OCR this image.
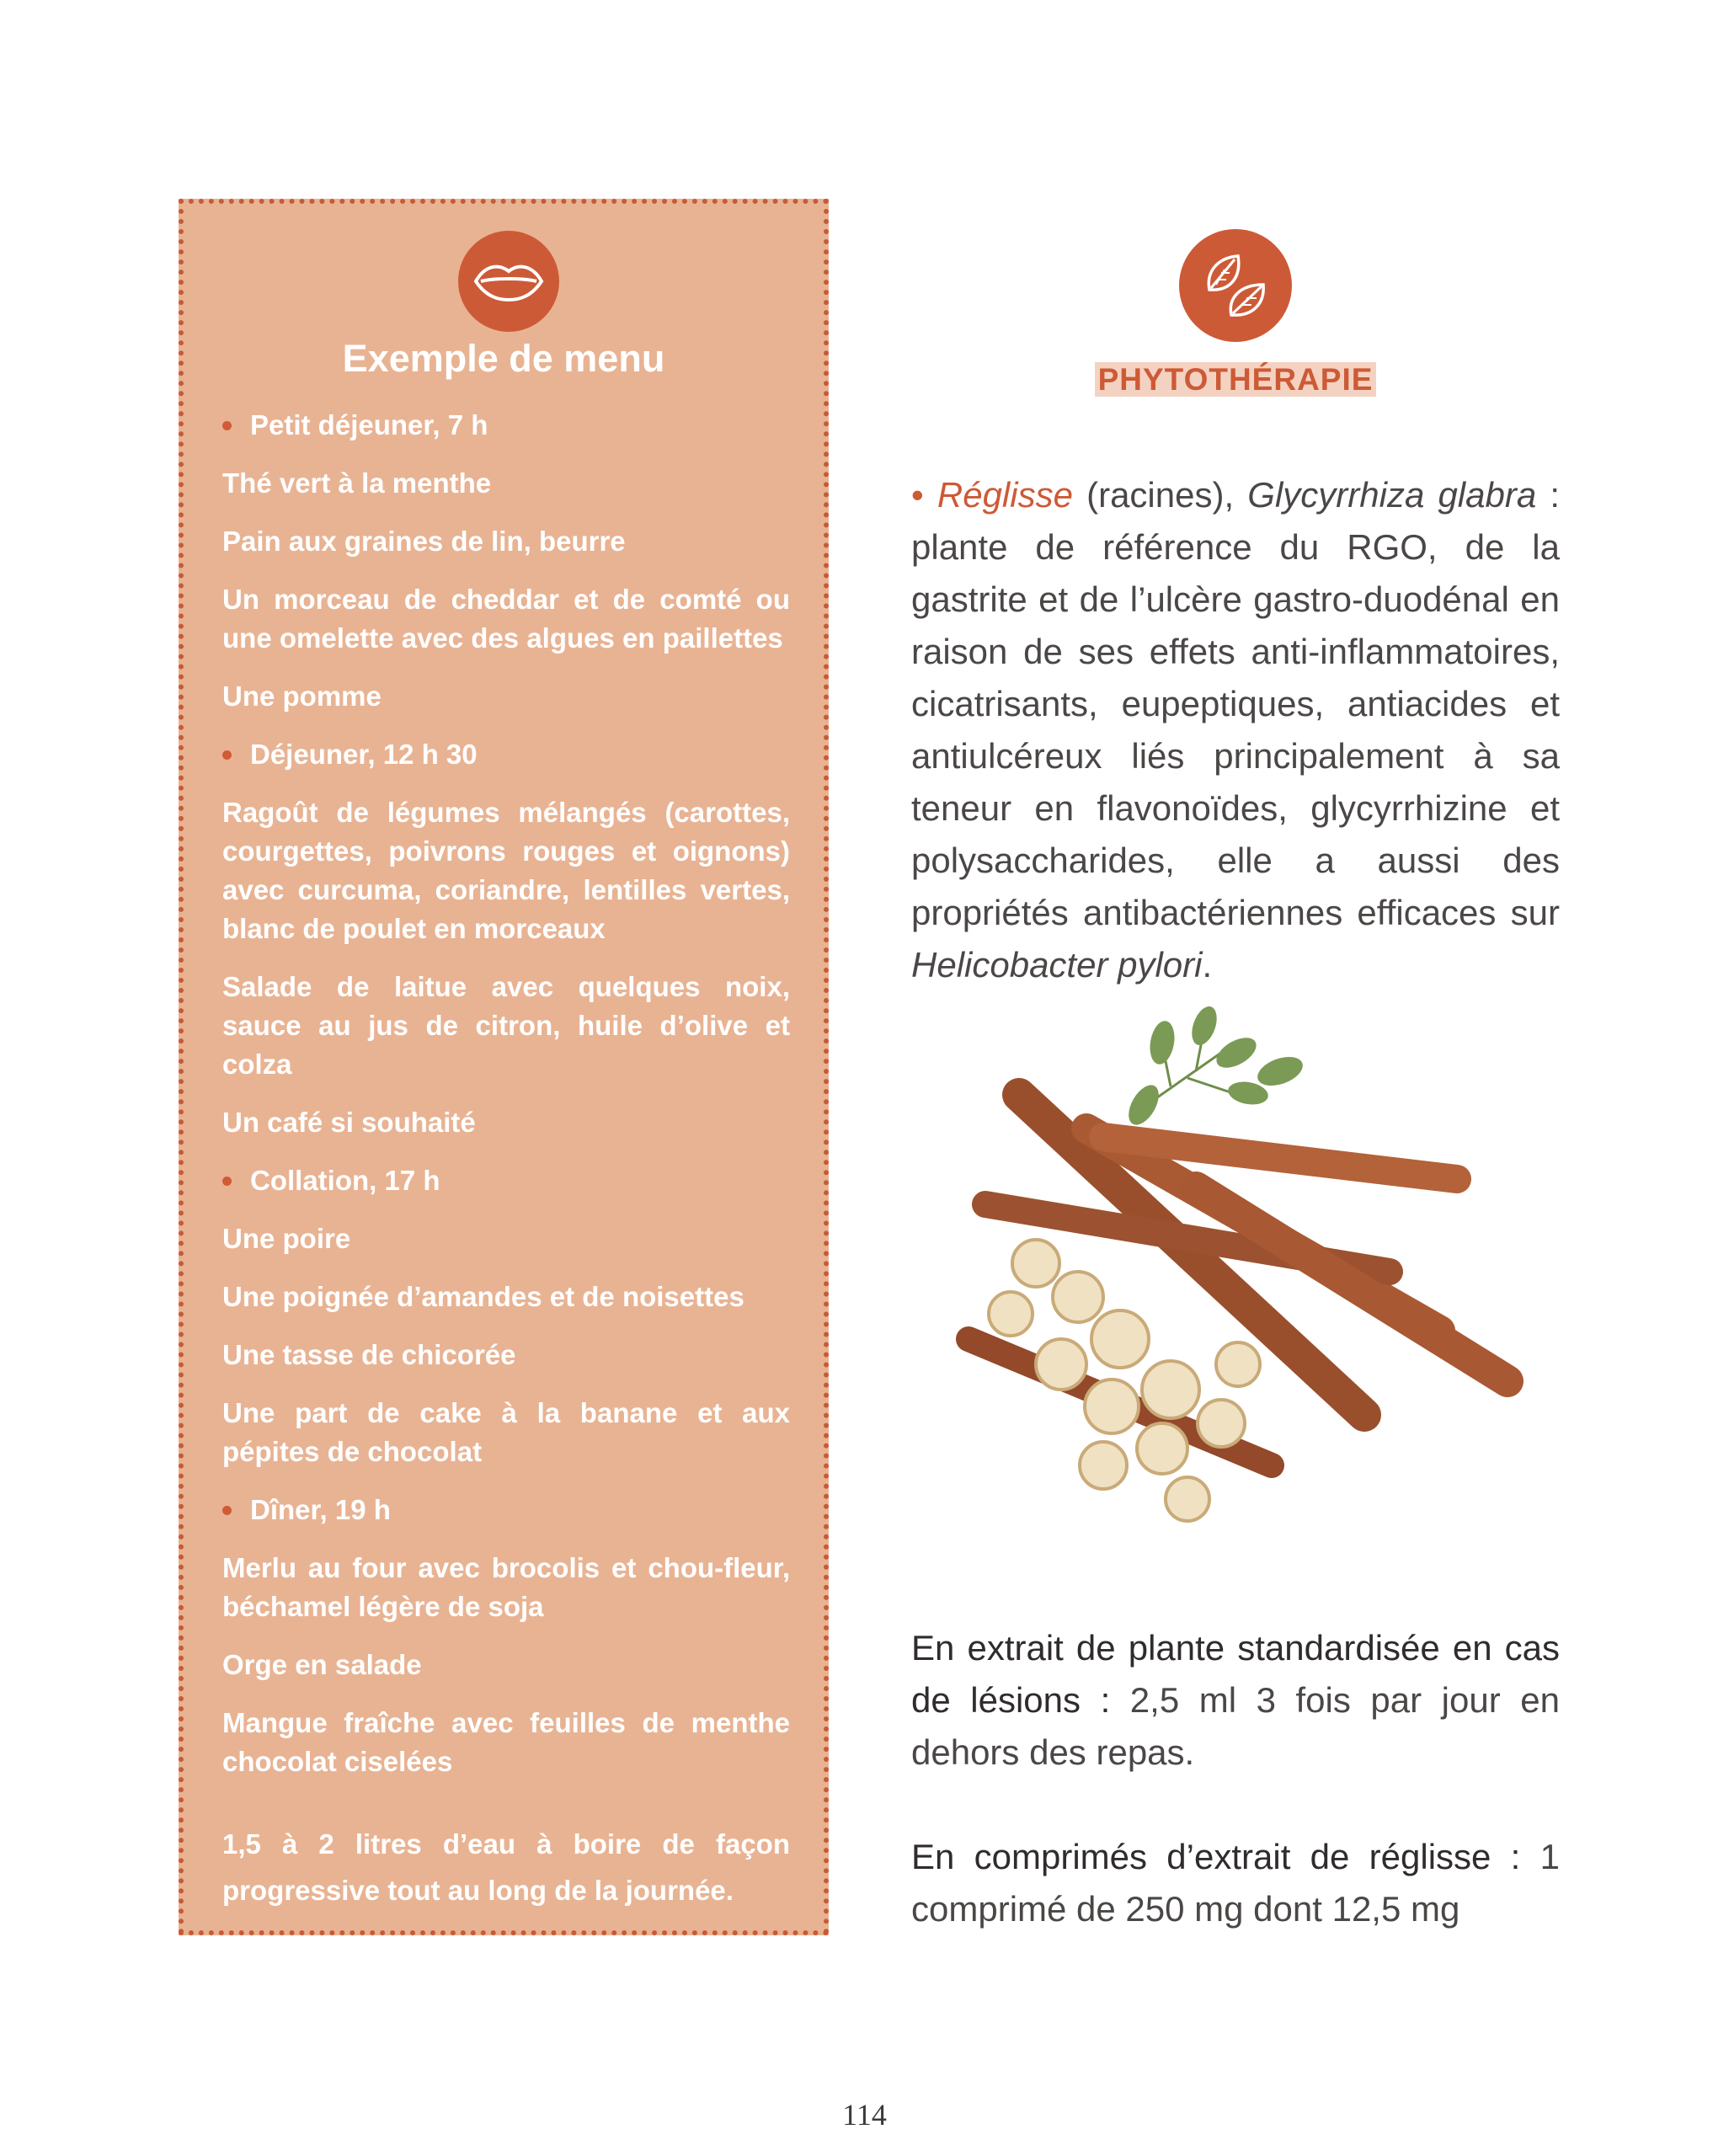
Exemple de menu
Petit déjeuner, 7 h
Thé vert à la menthe
Pain aux graines de lin, beurre
Un morceau de cheddar et de comté ou une omelette avec des algues en paillettes
Une pomme
Déjeuner, 12 h 30
Ragoût de légumes mélangés (carottes, courgettes, poivrons rouges et oignons) avec curcuma, coriandre, lentilles vertes, blanc de poulet en morceaux
Salade de laitue avec quelques noix, sauce au jus de citron, huile d’olive et colza
Un café si souhaité
Collation, 17 h
Une poire
Une poignée d’amandes et de noisettes
Une tasse de chicorée
Une part de cake à la banane et aux pépites de chocolat
Dîner, 19 h
Merlu au four avec brocolis et chou-fleur, béchamel légère de soja
Orge en salade
Mangue fraîche avec feuilles de menthe chocolat ciselées
1,5 à 2 litres d’eau à boire de façon progressive tout au long de la journée.
PHYTOTHÉRAPIE
• Réglisse (racines), Glycyrrhiza glabra : plante de référence du RGO, de la gastrite et de l’ulcère gastro-duodénal en raison de ses effets anti-inflammatoires, cicatrisants, eupeptiques, antiacides et antiulcéreux liés principalement à sa teneur en flavonoïdes, glycyrrhizine et polysaccharides, elle a aussi des propriétés antibactériennes efficaces sur Helicobacter pylori.
En extrait de plante standardisée en cas de lésions : 2,5 ml 3 fois par jour en dehors des repas.
En comprimés d’extrait de réglisse : 1 comprimé de 250 mg dont 12,5 mg
114
